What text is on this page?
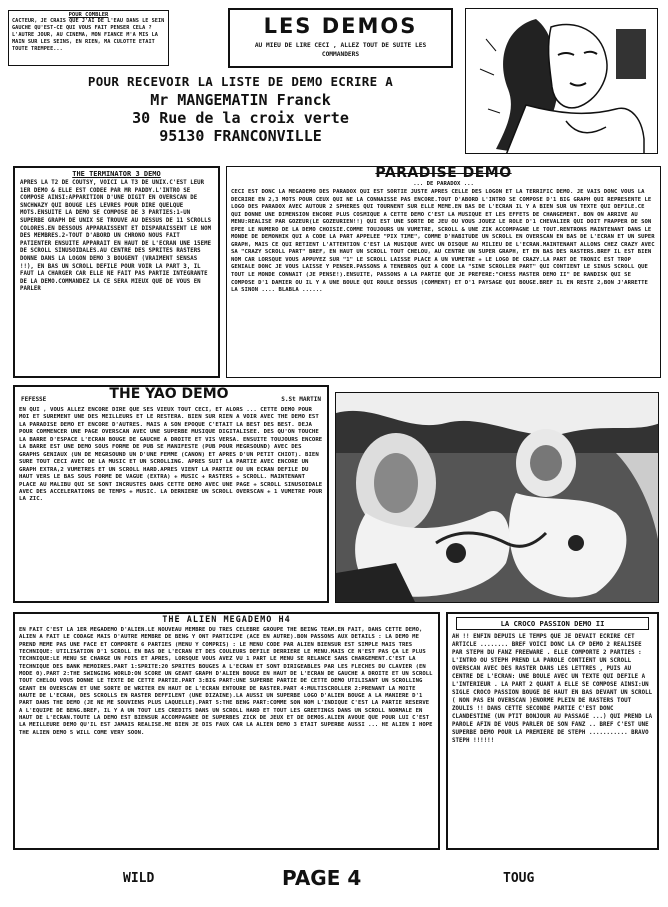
POUR COMBLER
CACTEUR, JE CRAIS QUE J'AI DE L'EAU DANS LE SEIN GAUCHE QU'EST-CE QUI VOUS FAIT PENSER CELA ? L'AUTRE JOUR, AU CINEMA, MON FIANCE M'A MIS LA MAIN SUR LES SEINS, EN RIEN, MA CULOTTE ETAIT TOUTE TREMPEE...
LES DEMOS
AU MIEU DE LIRE CECI , ALLEZ TOUT DE SUITE LES COMMANDERS
POUR RECEVOIR LA LISTE DE DEMO ECRIRE A
Mr MANGEMATIN Franck
30 Rue de la croix verte
95130 FRANCONVILLE
THE TERMINATOR 3 DEMO
APRES LA T2 DE COUTSY, VOICI LA T3 DE UNIX.C'EST LEUR 1ER DEMO & ELLE EST CODEE PAR MR PADDY.L'INTRO SE COMPOSE AINSI:APPARITION D'UNE DIGIT EN OVERSCAN DE SNCHWAZY QUI BOUGE LES LEVRES POUR DIRE QUELQUE MOTS.ENSUITE LA DEMO SE COMPOSE DE 3 PARTIES:1-UN SUPERBE GRAPH DE UNIX SE TROUVE AU DESSUS DE 11 SCROLLS COLORES.EN DESSOUS APPARAISSENT ET DISPARAISSENT LE NOM DES MEMBRES.2-TOUT D'ABORD UN CHRONO NOUS FAIT PATIENTER ENSUITE APPARAIT EN HAUT DE L'ECRAN UNE 15EME DE SCROLL SINUSOIDALES.AU CENTRE DES SPRITES RASTERS DONNE DANS LA LOGON DEMO 3 BOUGENT (VRAIMENT SENSAS !!), EN BAS UN SCROLL DEFILE POUR VOIR LA PART 3, IL FAUT LA CHARGER CAR ELLE NE FAIT PAS PARTIE INTEGRANTE DE LA DEMO.COMMANDEZ LA CE SERA MIEUX QUE DE VOUS EN PARLER
PARADISE DEMO
... DE PARADOX ...
CECI EST DONC LA MEGADEMO DES PARADOX QUI EST SORTIE JUSTE APRES CELLE DES LOGON ET LA TERRIFIC DEMO. JE VAIS DONC VOUS LA DECRIRE EN 2,3 MOTS POUR CEUX QUI NE LA CONNAISSE PAS ENCORE.TOUT D'ABORD L'INTRO SE COMPOSE D'1 BIG GRAPH QUI REPRESENTE LE LOGO DES PARADOX AVEC AUTOUR 2 SPHERES QUI TOURNENT SUR ELLE MEME.EN BAS DE L'ECRAN IL Y A BIEN SUR UN TEXTE QUI DEFILE.CE QUI DONNE UNE DIMENSION ENCORE PLUS COSMIQUE A CETTE DEMO C'EST LA MUSIQUE ET LES EFFETS DE CHANGEMENT. BON ON ARRIVE AU MENU:REALISE PAR GOZEUR(LE GOZEURIEN!!) QUI EST UNE SORTE DE JEU OU VOUS JOUEZ LE ROLE D'1 CHEVALIER QUI DOIT FRAPPER DE SON EPEE LE NUMERO DE LA DEMO CHOISIE.COMME TOUJOURS UN VUMETRE, SCROLL & UNE ZIK ACCOMPAGNE LE TOUT.RENTRONS MAINTENANT DANS LE MONDE DE DEMONHIK QUI A CODE LA PART APPELEE "PIX TIME", COMME D'HABITUDE UN SCROLL EN OVERSCAN EN BAS DE L'ECRAN ET UN SUPER GRAPH, MAIS CE QUI RETIENT L'ATTENTION C'EST LA MUSIQUE AVEC UN DISQUE AU MILIEU DE L'ECRAN.MAINTENANT ALLONS CHEZ CRAZY AVEC SA "CRAZY SCROLL PART" BREF, EN HAUT UN SCROLL TOUT CHELOU, AU CENTRE UN SUPER GRAPH, ET EN BAS DES RASTERS.BREF IL EST BIEN NOM CAR LORSQUE VOUS APPUYEZ SUR "1" LE SCROLL LAISSE PLACE A UN VUMETRE + LE LOGO DE CRAZY.LA PART DE TRONIC EST TROP GENIALE DONC JE VOUS LAISSE Y PENSER.PASSONS A TENEBROS QUI A CODE LA "SINE SCROLLER PART" QUI CONTIENT LE SINUS SCROLL QUE TOUT LE MONDE CONNAIT (JE PENSE!).ENSUITE, PASSONS A LA PARTIE QUE JE PREFERE:"CHESS MASTER DEMO II" DE RANDISK QUI SE COMPOSE D'1 DAMIER OU IL Y A UNE BOULE QUI ROULE DESSUS (COMMENT) ET D'1 PAYSAGE QUI BOUGE.BREF IL EN RESTE 2,BON J'ARRETTE LA SINON .... BLABLA ......
FEFESSE	THE YAO DEMO	S.St MARTIN
EN QUI , VOUS ALLEZ ENCORE DIRE QUE SES VIEUX TOUT CECI, ET ALORS ... CETTE DEMO POUR MOI ET SUREMENT UNE DES MEILLEURS ET LE RESTERA. BIEN SUR RIEN A VOIR AVEC THE DEMO EST LA PARADISE DEMO ET ENCORE D'AUTRES. MAIS A SON EPOQUE C'ETAIT LA BEST DES BEST. DEJA POUR COMMENCER UNE PAGE OVERSCAN AVEC UNE SUPERBE MUSIQUE DIGITALISEE. DES QU'ON TOUCHE LA BARRE D'ESPACE L'ECRAN BOUGE DE GAUCHE A DROITE ET VIS VERSA. ENSUITE TOUJOURS ENCORE LA BARRE EST UNE DEMO SOUS FORME DE PUB SE MANIFESTE (PUB POUR MEGRSOUND) AVEC DES GRAPHS GENIAUX (UN DE MEGRSOUND UN D'UNE FEMME (CANON) ET APRES D'UN PETIT CHIOT). BIEN SURE TOUT CECI AVEC DE LA MUSIC ET UN SCROLLING. APRES SUIT LA PARTIE AVEC ENCORE UN GRAPH EXTRA,2 VUMETRES ET UN SCROLL HARD.APRES VIENT LA PARTIE OU UN ECRAN DEFILE DU HAUT VERS LE BAS SOUS FORME DE VAGUE (EXTRA) + MUSIC + RASTERS + SCROLL. MAINTENANT PLACE AU MALIBU QUI SE SONT INCRUSTES DANS CETTE DEMO AVEC UNE PAGE + SCROLL SINUSOIDALE AVEC DES ACCELERATIONS DE TEMPS + MUSIC. LA DERNIERE UN SCROLL OVERSCAN + 1 VUMETRE POUR LA ZIC.
THE ALIEN MEGADEMO H4
EN FAIT C'EST LA 1ER MEGADEMO D'ALIEN.LE NOUVEAU MEMBRE DU TRES CELEBRE GROUPE THE BEING TEAM.EN FAIT, DANS CETTE DEMO, ALIEN A FAIT LE CODAGE MAIS D'AUTRE MEMBRE DE BENG Y ONT PARTICIPE (ACE EN AUTRE).BON PASSONS AUX DETAILS : LA DEMO ME PREND MEME PAS UNE FACE ET COMPORTE 6 PARTIES (MENU Y COMPRIS) : LE MENU CODE PAR ALIEN BIENSUR EST SIMPLE MAIS TRES TECHNIQUE: UTILISATION D'1 SCROLL EN BAS DE L'ECRAN ET DES COULEURS DEFILE DERRIERE LE MENU.MAIS CE N'EST PAS ÇA LE PLUS TECHNIQUE:LE MENU SE CHARGE UN FOIS ET APRES, LORSQUE VOUS AVEZ VU 1 PART LE MENU SE RELANCE SANS CHARGEMENT.C'EST LA TECHNIQUE DES BANK MEMOIRES.PART 1:SPRITE:20 SPRITES BOUGES A L'ECRAN ET SONT DIRIGEABLES PAR LES FLECHES DU CLAVIER (EN MODE 0).PART 2:THE SWINGING WORLD:ON SCORE UN GEANT GRAPH D'ALIEN BOUGE EN HAUT DE L'ECRAN DE GAUCHE A DROITE ET UN SCROLL TOUT CHELOU VOUS DONNE LE TEXTE DE CETTE PARTIE.PART 3:BIG PART:UNE SUPERBE PARTIE DE CETTE DEMO UTILISANT UN SCROLLING GEANT EN OVERSCAN ET UNE SORTE DE WRITER EN HAUT DE L'ECRAN ENTOURE DE RASTER.PART 4:MULTISCROLLER 2:PRENANT LA MOITE HAUTE DE L'ECRAN, DES SCROLLS EN RASTER DEFFILENT (UNE DIZAINE).LA AUSSI UN SUPERBE LOGO D'ALIEN BOUGE A LA MANIERE D'1 PART DANS THE DEMO (JE NE ME SOUVIENS PLUS LAQUELLE).PART 5:THE BENG PART:COMME SON NOM L'INDIQUE C'EST LA PARTIE RESERVE A L'EQUIPE DE BENG.BREF, IL Y A UN TOUT LES CREDITS DANS UN SCROLL HARD ET TOUT LES GREETINGS DANS UN SCROLL NORMALE EN HAUT DE L'ECRAN.TOUTE LA DEMO EST BIENSUR ACCOMPAGNEE DE SUPERBES ZICK DE JEUX ET DE DEMOS.ALIEN AVOUE QUE POUR LUI C'EST LA MEILLEURE DEMO QU'IL EST JAMAIS REALISE.ME BIEN JE DIS FAUX CAR LA ALIEN DEMO 3 ETAIT SUPERBE AUSSI ... HE ALIEN I HOPE THE ALIEN DEMO 5 WILL COME VERY SOON.
LA CROCO PASSION DEMO II
AH !! ENFIN DEPUIS LE TEMPS QUE JE DEVAIT ECRIRE CET ARTICLE ........ BREF VOICI DONC LA CP DEMO 2 REALISEE PAR STEPH DU FANZ FREEWARE . ELLE COMPORTE 2 PARTIES : L'INTRO OU STEPH PREND LA PAROLE CONTIENT UN SCROLL OVERSCAN AVEC DES RASTER DANS LES LETTRES , PUIS AU CENTRE DE L'ECRAN: UNE BOULE AVEC UN TEXTE QUI DEFILE A L'INTERIEUR . LA PART 2 QUANT A ELLE SE COMPOSE AINSI:UN SIGLE CROCO PASSION BOUGE DE HAUT EN BAS DEVANT UN SCROLL ( NON PAS EN OVERSCAN )ENORME PLEIN DE RASTERS TOUT ZOULIS !! DANS CETTE SECONDE PARTIE C'EST DONC CLANDESTINE (UN PTIT BONJOUR AU PASSAGE ...) QUI PREND LA PAROLE AFIN DE VOUS PARLER DE SON FANZ .. BREF C'EST UNE SUPERBE DEMO POUR LA PREMIERE DE STEPH ........... BRAVO STEPH !!!!!!
WILD	PAGE 4	TOUG
